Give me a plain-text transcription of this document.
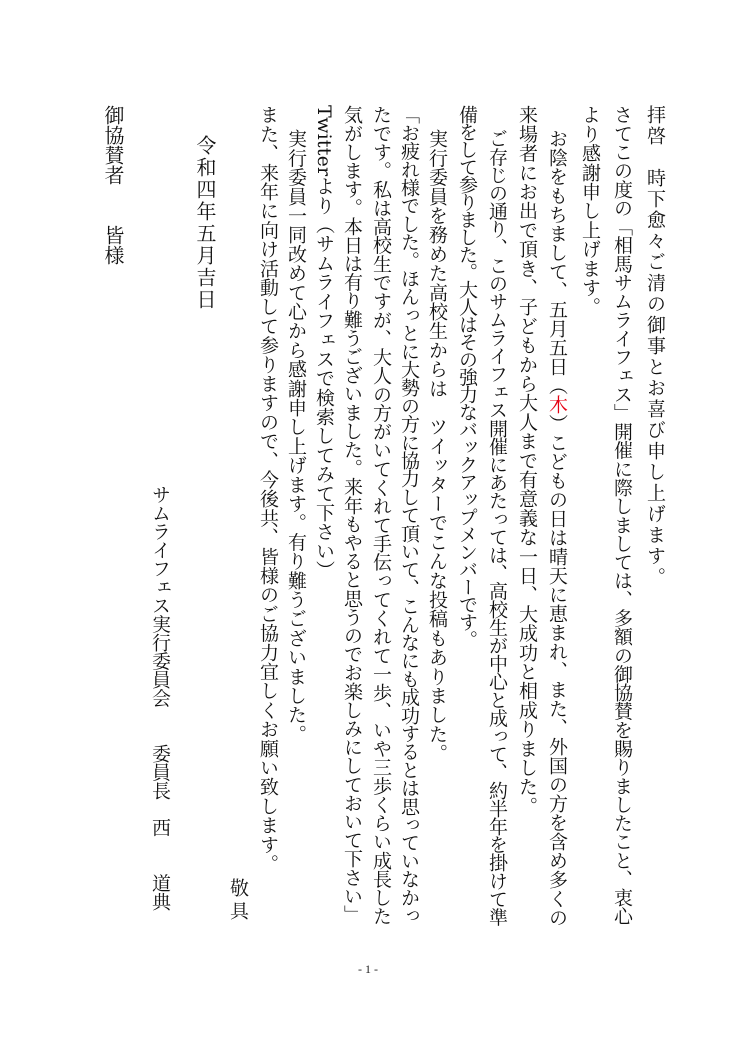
拝啓　時下愈々ご清の御事とお喜び申し上げます。
さてこの度の「相馬サムライフェス」開催に際しましては、多額の御協賛を賜りましたこと、衷心
より感謝申し上げます。
お陰をもちまして、五月五日（木）こどもの日は晴天に恵まれ、また、外国の方を含め多くの
来場者にお出で頂き、子どもから大人まで有意義な一日、大成功と相成りました。
ご存じの通り、このサムライフェス開催にあたっては、高校生が中心と成って、約半年を掛けて準
備をして参りました。大人はその強力なバックアップメンバーです。
実行委員を務めた高校生からは　ツイッターでこんな投稿もありました。
「お疲れ様でした。ほんっとに大勢の方に協力して頂いて、こんなにも成功するとは思っていなかっ
たです。私は高校生ですが、大人の方がいてくれて手伝ってくれて一歩、いや三歩くらい成長した
気がします。本日は有り難うございました。来年もやると思うのでお楽しみにしておいて下さい」
Twitterより（サムライフェスで検索してみて下さい）
実行委員一同改めて心から感謝申し上げます。有り難うございました。
また、来年に向け活動して参りますので、今後共、皆様のご協力宜しくお願い致します。
敬具
令和四年五月吉日
サムライフェス実行委員会　　委員長　西　　道典
御協賛者　　皆様
- 1 -
